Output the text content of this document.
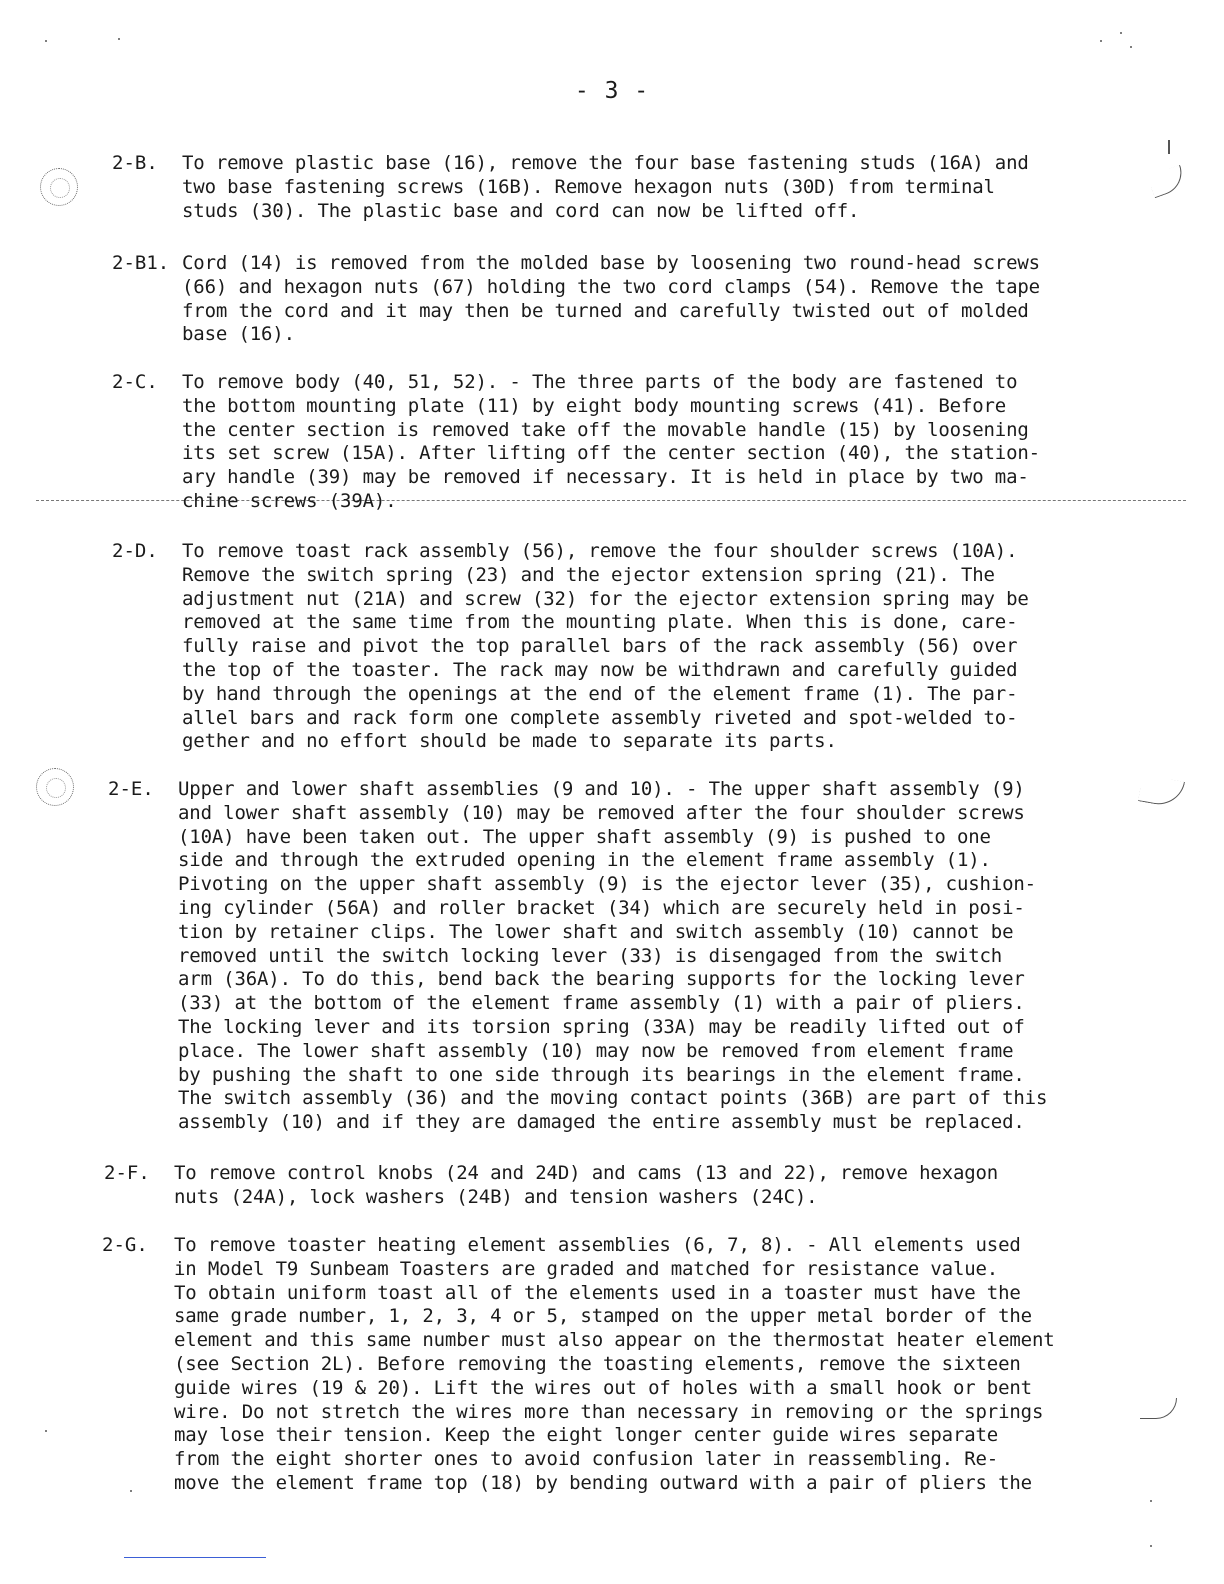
- 3 -
2-B. To remove plastic base (16), remove the four base fastening studs (16A) and
two base fastening screws (16B). Remove hexagon nuts (30D) from terminal
studs (30). The plastic base and cord can now be lifted off.
2-B1. Cord (14) is removed from the molded base by loosening two round-head screws
(66) and hexagon nuts (67) holding the two cord clamps (54). Remove the tape
from the cord and it may then be turned and carefully twisted out of molded
base (16).
2-C. To remove body (40, 51, 52). - The three parts of the body are fastened to
the bottom mounting plate (11) by eight body mounting screws (41). Before
the center section is removed take off the movable handle (15) by loosening
its set screw (15A). After lifting off the center section (40), the station-
ary handle (39) may be removed if necessary. It is held in place by two ma-
chine screws (39A).
2-D. To remove toast rack assembly (56), remove the four shoulder screws (10A).
Remove the switch spring (23) and the ejector extension spring (21). The
adjustment nut (21A) and screw (32) for the ejector extension spring may be
removed at the same time from the mounting plate. When this is done, care-
fully raise and pivot the top parallel bars of the rack assembly (56) over
the top of the toaster. The rack may now be withdrawn and carefully guided
by hand through the openings at the end of the element frame (1). The par-
allel bars and rack form one complete assembly riveted and spot-welded to-
gether and no effort should be made to separate its parts.
2-E. Upper and lower shaft assemblies (9 and 10). - The upper shaft assembly (9)
and lower shaft assembly (10) may be removed after the four shoulder screws
(10A) have been taken out. The upper shaft assembly (9) is pushed to one
side and through the extruded opening in the element frame assembly (1).
Pivoting on the upper shaft assembly (9) is the ejector lever (35), cushion-
ing cylinder (56A) and roller bracket (34) which are securely held in posi-
tion by retainer clips. The lower shaft and switch assembly (10) cannot be
removed until the switch locking lever (33) is disengaged from the switch
arm (36A). To do this, bend back the bearing supports for the locking lever
(33) at the bottom of the element frame assembly (1) with a pair of pliers.
The locking lever and its torsion spring (33A) may be readily lifted out of
place. The lower shaft assembly (10) may now be removed from element frame
by pushing the shaft to one side through its bearings in the element frame.
The switch assembly (36) and the moving contact points (36B) are part of this
assembly (10) and if they are damaged the entire assembly must be replaced.
2-F. To remove control knobs (24 and 24D) and cams (13 and 22), remove hexagon
nuts (24A), lock washers (24B) and tension washers (24C).
2-G. To remove toaster heating element assemblies (6, 7, 8). - All elements used
in Model T9 Sunbeam Toasters are graded and matched for resistance value.
To obtain uniform toast all of the elements used in a toaster must have the
same grade number, 1, 2, 3, 4 or 5, stamped on the upper metal border of the
element and this same number must also appear on the thermostat heater element
(see Section 2L). Before removing the toasting elements, remove the sixteen
guide wires (19 & 20). Lift the wires out of holes with a small hook or bent
wire. Do not stretch the wires more than necessary in removing or the springs
may lose their tension. Keep the eight longer center guide wires separate
from the eight shorter ones to avoid confusion later in reassembling. Re-
move the element frame top (18) by bending outward with a pair of pliers the
